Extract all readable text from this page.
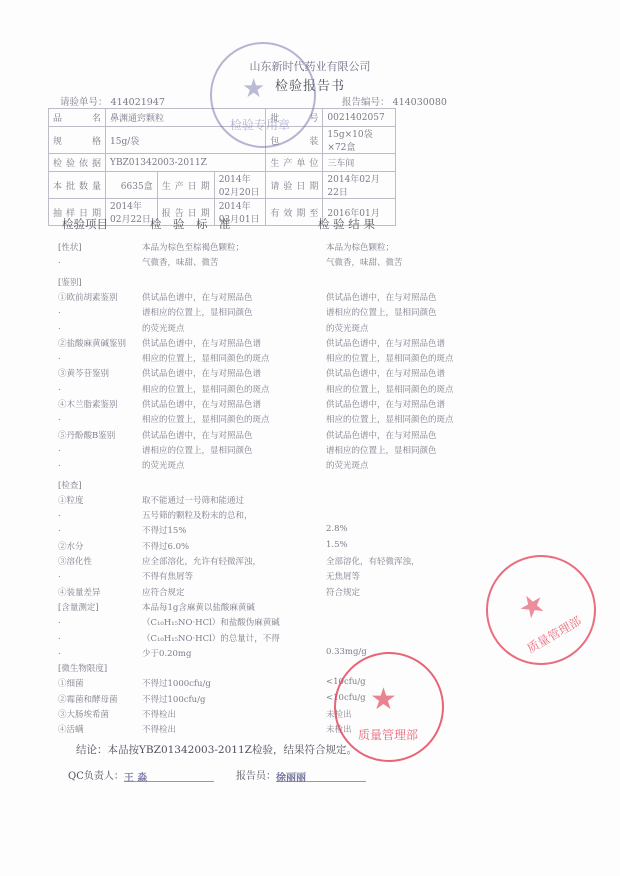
山东新时代药业有限公司
检验报告书
请验单号： 414021947	报告编号： 414030080
品　名	鼻渊通窍颗粒			批号	0021402057
规　格	15g/袋			包　装	15g×10袋×72盒
检验依据	YBZ01342003-2011Z			生产单位	三车间
本批数量	6635盒	生产日期	2014年02月20日	请验日期	2014年02月22日
抽样日期	2014年02月22日	报告日期	2014年03月01日	有效期至	2016年01月
检验项目	检　验　标　准	检 验 结 果
[性状]	本品为棕色至棕褐色颗粒；	本品为棕色颗粒；
.	气微香，味甜、微苦	气微香，味甜、微苦
[鉴别]
①欧前胡素鉴别	供试品色谱中，在与对照品色	供试品色谱中，在与对照品色
.	谱相应的位置上，显相同颜色	谱相应的位置上，显相同颜色
.	的荧光斑点	的荧光斑点
②盐酸麻黄碱鉴别 供试品色谱中，在与对照品色谱	供试品色谱中，在与对照品色谱
.	相应的位置上，显相同颜色的斑点	相应的位置上，显相同颜色的斑点
③黄芩苷鉴别	供试品色谱中，在与对照品色谱	供试品色谱中，在与对照品色谱
.	相应的位置上，显相同颜色的斑点	相应的位置上，显相同颜色的斑点
④木兰脂素鉴别	供试品色谱中，在与对照品色谱	供试品色谱中，在与对照品色谱
.	相应的位置上，显相同颜色的斑点	相应的位置上，显相同颜色的斑点
⑤丹酚酸B鉴别	供试品色谱中，在与对照品色	供试品色谱中，在与对照品色
.	谱相应的位置上，显相同颜色	谱相应的位置上，显相同颜色
.	的荧光斑点	的荧光斑点
[检查]
①粒度	取不能通过一号筛和能通过
.	五号筛的颗粒及粉末的总和，
.	不得过15%	2.8%
②水分	不得过6.0%	1.5%
③溶化性	应全部溶化，允许有轻微浑浊，	全部溶化，有轻微浑浊，
.	不得有焦屑等	无焦屑等
④装量差异	应符合规定	符合规定
[含量测定]	本品每1g含麻黄以盐酸麻黄碱
.	（C₁₀H₁₅NO·HCl）和盐酸伪麻黄碱
.	（C₁₀H₁₅NO·HCl）的总量计，不得
.	少于0.20mg	0.33mg/g
[微生物限度]
①细菌	不得过1000cfu/g	<10cfu/g
②霉菌和酵母菌	不得过100cfu/g	<10cfu/g
③大肠埃希菌	不得检出	未检出
④活螨	不得检出	未检出
结论：本品按YBZ01342003-2011Z检验，结果符合规定。
QC负责人：王 淼	报告员：徐丽丽
★
检验专用章
★
质量管理部
★
质量管理部
